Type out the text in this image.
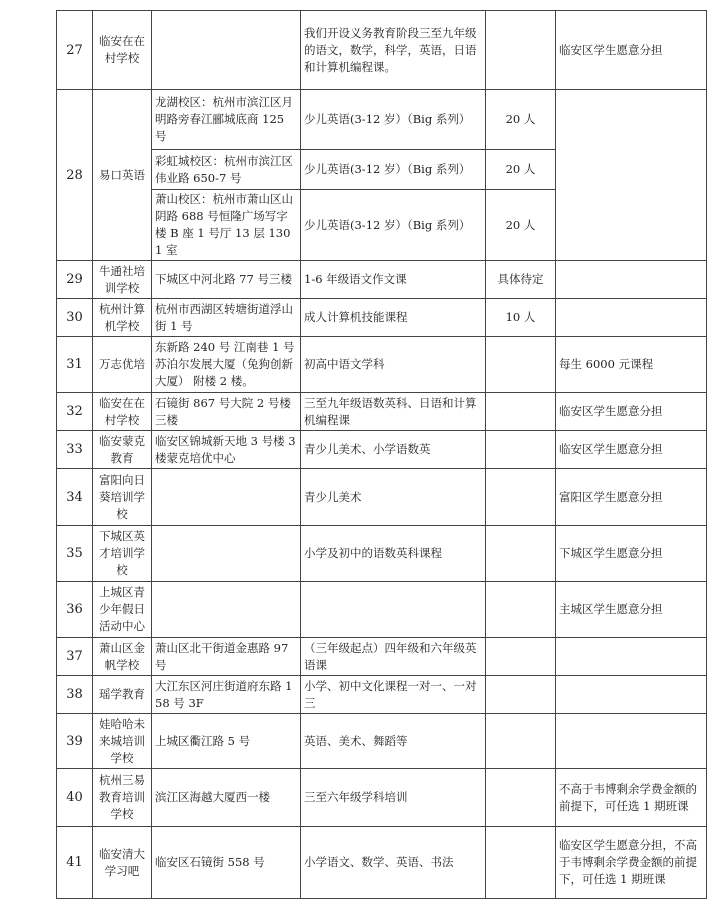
27	临安在在村学校		我们开设义务教育阶段三至九年级的语文，数学，科学，英语，日语和计算机编程课。		临安区学生愿意分担
28	易口英语	龙湖校区：杭州市滨江区月明路旁春江郦城底商 125 号	少儿英语(3-12 岁）（Big 系列）	20 人	
		彩虹城校区：杭州市滨江区伟业路 650-7 号	少儿英语(3-12 岁）（Big 系列）	20 人	
		萧山校区：杭州市萧山区山阴路 688 号恒隆广场写字楼 B 座 1 号厅 13 层 1301 室	少儿英语(3-12 岁）（Big 系列）	20 人	
29	牛通社培训学校	下城区中河北路 77 号三楼	1-6 年级语文作文课	具体待定	
30	杭州计算机学校	杭州市西湖区转塘街道浮山街 1 号	成人计算机技能课程	10 人	
31	万志优培	东新路 240 号 江南巷 1 号苏泊尔发展大厦（兔狗创新大厦） 附楼 2 楼。	初高中语文学科		每生 6000 元课程
32	临安在在村学校	石镜街 867 号大院 2 号楼三楼	三至九年级语数英科、日语和计算机编程课		临安区学生愿意分担
33	临安蒙克教育	临安区锦城新天地 3 号楼 3 楼蒙克培优中心	青少儿美术、小学语数英		临安区学生愿意分担
34	富阳向日葵培训学校		青少儿美术		富阳区学生愿意分担
35	下城区英才培训学校		小学及初中的语数英科课程		下城区学生愿意分担
36	上城区青少年假日活动中心				主城区学生愿意分担
37	萧山区金帆学校	萧山区北干街道金惠路 97 号	（三年级起点）四年级和六年级英语课		
38	瑶学教育	大江东区河庄街道府东路 158 号 3F	小学、初中文化课程一对一、一对三		
39	娃哈哈未来城培训学校	上城区衢江路 5 号	英语、美术、舞蹈等		
40	杭州三易教育培训学校	滨江区海越大厦西一楼	三至六年级学科培训		不高于韦博剩余学费金额的前提下，可任选 1 期班课
41	临安清大学习吧	临安区石镜街 558 号	小学语文、数学、英语、书法		临安区学生愿意分担，不高于韦博剩余学费金额的前提下，可任选 1 期班课
